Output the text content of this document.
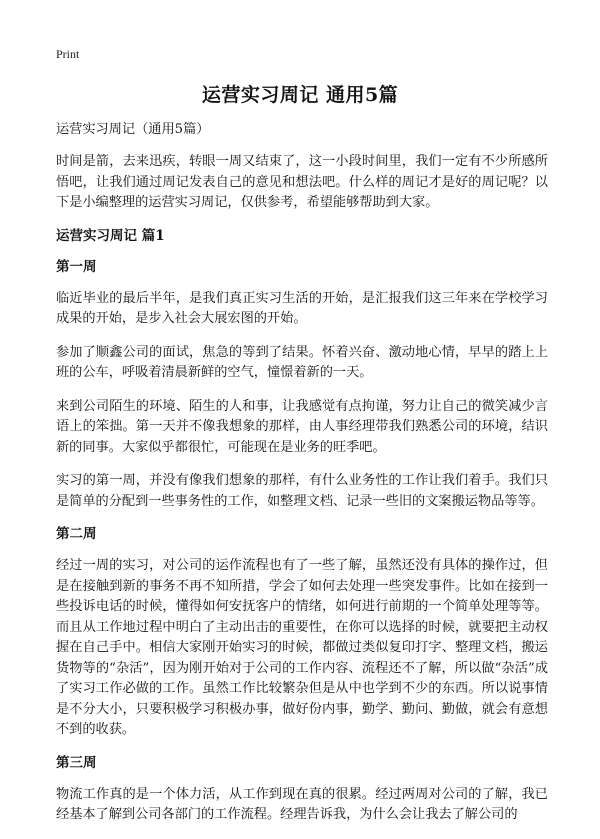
Print
运营实习周记 通用5篇
运营实习周记（通用5篇）

时间是箭，去来迅疾，转眼一周又结束了，这一小段时间里，我们一定有不少所感所悟吧，让我们通过周记发表自己的意见和想法吧。什么样的周记才是好的周记呢？以下是小编整理的运营实习周记，仅供参考，希望能够帮助到大家。

运营实习周记 篇1
第一周

临近毕业的最后半年，是我们真正实习生活的开始，是汇报我们这三年来在学校学习成果的开始，是步入社会大展宏图的开始。

参加了顺鑫公司的面试，焦急的等到了结果。怀着兴奋、激动地心情，早早的踏上上班的公车，呼吸着清晨新鲜的空气，憧憬着新的一天。

来到公司陌生的环境、陌生的人和事，让我感觉有点拘谨，努力让自己的微笑减少言语上的笨拙。第一天并不像我想象的那样，由人事经理带我们熟悉公司的环境，结识新的同事。大家似乎都很忙，可能现在是业务的旺季吧。

实习的第一周，并没有像我们想象的那样，有什么业务性的工作让我们着手。我们只是简单的分配到一些事务性的工作，如整理文档、记录一些旧的文案搬运物品等等。

第二周

经过一周的实习，对公司的运作流程也有了一些了解，虽然还没有具体的操作过，但是在接触到新的事务不再不知所措，学会了如何去处理一些突发事件。比如在接到一些投诉电话的时候，懂得如何安抚客户的情绪，如何进行前期的一个简单处理等等。而且从工作地过程中明白了主动出击的重要性，在你可以选择的时候，就要把主动权握在自己手中。相信大家刚开始实习的时候，都做过类似复印打字、整理文档，搬运货物等的“杂活”，因为刚开始对于公司的工作内容、流程还不了解，所以做“杂活”成了实习工作必做的工作。虽然工作比较繁杂但是从中也学到不少的东西。所以说事情是不分大小，只要积极学习积极办事，做好份内事，勤学、勤问、勤做，就会有意想不到的收获。

第三周

物流工作真的是一个体力活，从工作到现在真的很累。经过两周对公司的了解，我已经基本了解到公司各部门的工作流程。经理告诉我，为什么会让我去了解公司的
